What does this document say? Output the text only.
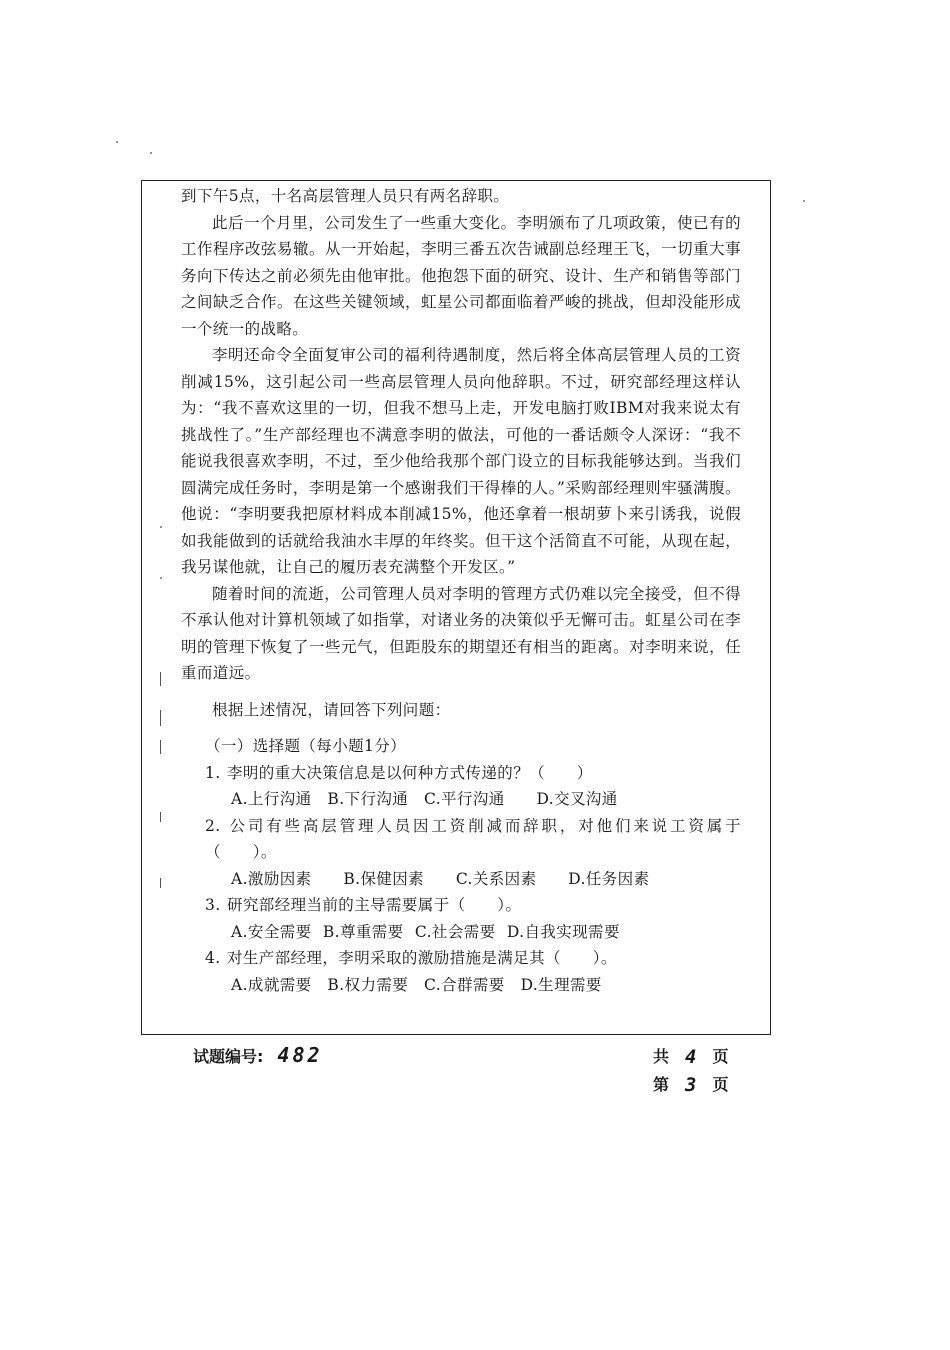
到下午5点，十名高层管理人员只有两名辞职。

此后一个月里，公司发生了一些重大变化。李明颁布了几项政策，使已有的工作程序改弦易辙。从一开始起，李明三番五次告诫副总经理王飞，一切重大事务向下传达之前必须先由他审批。他抱怨下面的研究、设计、生产和销售等部门之间缺乏合作。在这些关键领域，虹星公司都面临着严峻的挑战，但却没能形成一个统一的战略。

李明还命令全面复审公司的福利待遇制度，然后将全体高层管理人员的工资削减15%，这引起公司一些高层管理人员向他辞职。不过，研究部经理这样认为：“我不喜欢这里的一切，但我不想马上走，开发电脑打败IBM对我来说太有挑战性了。”生产部经理也不满意李明的做法，可他的一番话颇令人深讶：“我不能说我很喜欢李明，不过，至少他给我那个部门设立的目标我能够达到。当我们圆满完成任务时，李明是第一个感谢我们干得棒的人。”采购部经理则牢骚满腹。他说：“李明要我把原材料成本削减15%，他还拿着一根胡萝卜来引诱我，说假如我能做到的话就给我油水丰厚的年终奖。但干这个活简直不可能，从现在起，我另谋他就，让自己的履历表充满整个开发区。”

随着时间的流逝，公司管理人员对李明的管理方式仍难以完全接受，但不得不承认他对计算机领域了如指掌，对诸业务的决策似乎无懈可击。虹星公司在李明的管理下恢复了一些元气，但距股东的期望还有相当的距离。对李明来说，任重而道远。

根据上述情况，请回答下列问题：

（一）选择题（每小题1分）

1. 李明的重大决策信息是以何种方式传递的？（　　）

A.上行沟通　B.下行沟通　C.平行沟通　　D.交叉沟通

2. 公司有些高层管理人员因工资削减而辞职，对他们来说工资属于（　　）。

A.激励因素　　B.保健因素　　C.关系因素　　D.任务因素

3. 研究部经理当前的主导需要属于（　　）。

A.安全需要 B.尊重需要 C.社会需要 D.自我实现需要

4. 对生产部经理，李明采取的激励措施是满足其（　　）。

A.成就需要　B.权力需要　C.合群需要　D.生理需要

试题编号: 482	共 4 页
第 3 页
